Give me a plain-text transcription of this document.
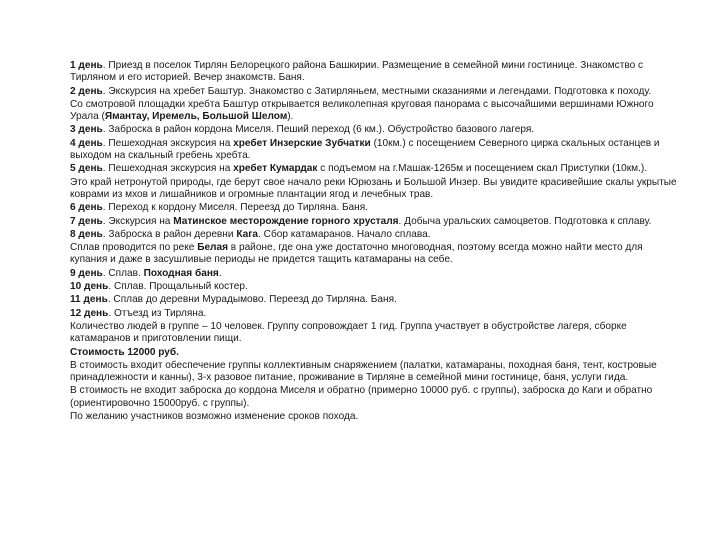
1 день. Приезд в поселок Тирлян Белорецкого района Башкирии. Размещение в семейной мини гостинице. Знакомство с Тирляном и его историей. Вечер знакомств. Баня.

2 день. Экскурсия на хребет Баштур. Знакомство с Затирляньем, местными сказаниями и легендами. Подготовка к походу.

Со смотровой площадки хребта Баштур открывается великолепная круговая панорама с высочайшими вершинами Южного Урала (Ямантау, Иремель, Большой Шелом).

3 день. Заброска в район кордона Миселя. Пеший переход (6 км.). Обустройство базового лагеря.

4 день. Пешеходная экскурсия на хребет Инзерские Зубчатки (10км.) с посещением Северного цирка скальных останцев и выходом на скальный гребень хребта.

5 день. Пешеходная экскурсия на хребет Кумардак с подъемом на г.Машак-1265м и посещением скал Приступки (10км.).

Это край нетронутой природы, где берут свое начало реки Юрюзань и Большой Инзер. Вы увидите красивейшие скалы укрытые коврами из мхов и лишайников и огромные плантации ягод и лечебных трав.

6 день. Переход к кордону Миселя. Переезд до Тирляна. Баня.

7 день. Экскурсия на Матинское месторождение горного хрусталя. Добыча уральских самоцветов. Подготовка к сплаву.

8 день. Заброска в район деревни Кага. Сбор катамаранов. Начало сплава.

Сплав проводится по реке Белая в районе, где она уже достаточно многоводная, поэтому всегда можно найти место для купания и даже в засушливые периоды не придется тащить катамараны на себе.

9 день. Сплав. Походная баня.

10 день. Сплав. Прощальный костер.

11 день. Сплав до деревни Мурадымово. Переезд до Тирляна. Баня.

12 день. Отъезд из Тирляна.

Количество людей в группе – 10 человек. Группу сопровождает 1 гид. Группа участвует в обустройстве лагеря, сборке катамаранов и приготовлении пищи.

Стоимость 12000 руб.

В стоимость входит обеспечение группы коллективным снаряжением (палатки, катамараны, походная баня, тент, костровые принадлежности и канны), 3-х разовое питание, проживание в Тирляне в семейной мини гостинице, баня, услуги гида.

В стоимость не входит заброска до кордона Миселя и обратно (примерно 10000 руб. с группы), заброска до Каги и обратно (ориентировочно 15000руб. с группы).

По желанию участников возможно изменение сроков похода.
